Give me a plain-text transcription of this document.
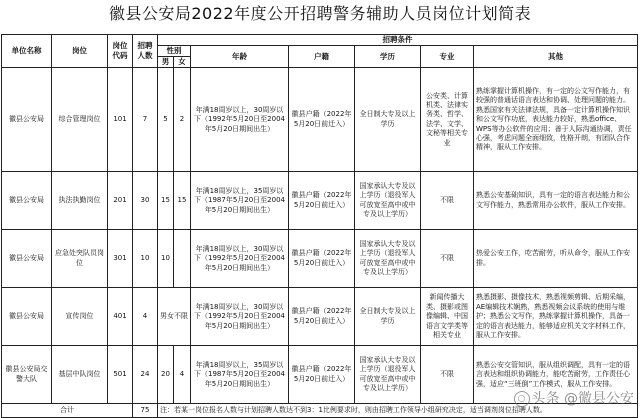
徽县公安局2022年度公开招聘警务辅助人员岗位计划简表
单位名称	岗位	岗位代码	招聘人数	招聘条件						
				性别		年龄	户籍	学历	专业	其他
				男	女					
徽县公安局	综合管理岗位	101	7	5	2	年满18周岁以上，30周岁以下（1992年5月20日至2004年5月20日期间出生）	徽县户籍（2022年5月20日前迁入）	全日制大专及以上学历	公安类、计算机类、法律实务类、哲学、法学、文学、文秘等相关专业	熟练掌握计算机操作，有一定的公文写作能力，有较强的普通话语言表达和协调、处理问题的能力。熟悉国家有关法律法规，具备一定计算机操作知识和公文写作功底，表达能力较好，熟悉office、WPS等办公软件的应用；善于人际沟通协调，责任心强，考虑问题全面细致，性格开朗，有团队合作精神，服从工作安排。
徽县公安局	执法执勤岗位	201	30	15	15	年满18周岁以上，35周岁以下（1987年5月20日至2004年5月20日期间出生）	徽县户籍（2022年5月20日前迁入）	国家承认大专及以上学历（退役军人可放宽至高中或中专及以上学历）	不限	熟悉公安基础知识，具有一定的语言表达能力和公文写作能力，熟悉常用办公软件，服从工作安排。
徽县公安局	应急处突队员岗位	301	10	10		年满18周岁以上，30周岁以下（1992年5月20日至2004年5月20日期间出生）	徽县户籍（2022年5月20日前迁入）	国家承认大专及以上学历（退役军人可放宽至高中或中专及以上学历）	不限	热爱公安工作，吃苦耐劳，听从命令，服从工作安排。
徽县公安局	宣传岗位	401	4	男女不限		年满18周岁以上，30周岁以下（1992年5月20日至2004年5月20日期间出生）	徽县户籍（2022年5月20日前迁入）	全日制大专及以上学历	新闻传播大类、摄影或图像编辑、中国语言文学类等相关专业	熟悉摄影、摄像技术，熟悉视频剪辑、后期采编，AE编辑技术娴熟，熟悉视频会议系统的使用与维护；熟悉公文写作，熟练掌握计算机操作，具备一定的语言表达能力，能够适应机关文字材料工作，服从工作安排。
徽县公安局交警大队	基层中队岗位	501	24	20	4	年满18周岁以上，35周岁以下（1987年5月20日至2004年5月20日期间出生）	徽县户籍（2022年5月20日前迁入）	国家承认大专及以上学历（退役军人可放宽至高中或中专及以上学历）	不限	熟悉公安交管知识，服从组织调配，具有一定的语言表达和组织协调能力，能吃苦耐劳，工作责任心强，适应“三班倒”工作模式，服从工作安排。
合计			75	注：若某一岗位报名人数与计划招聘人数达不到3：1比例要求时，则由招聘工作领导小组研究决定，适当调剂岗位招聘人数。						
○ 头条 @徽县公安
